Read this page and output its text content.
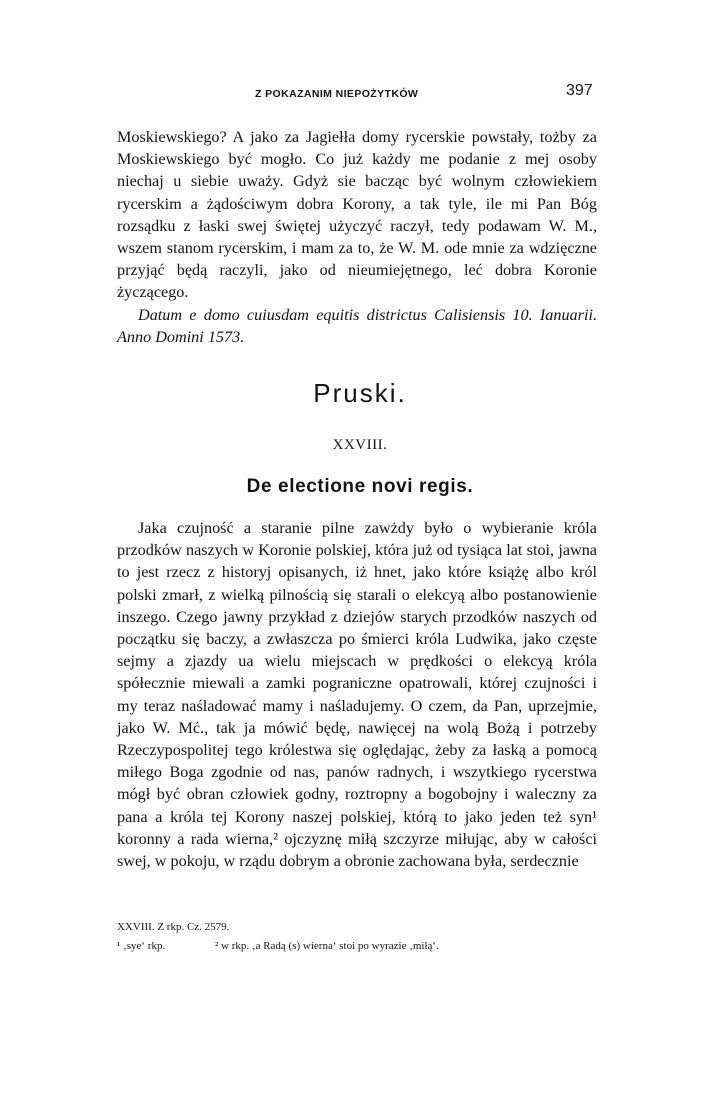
Z POKAZANIM NIEPOŻYTKÓW	397

Moskiewskiego? A jako za Jagiełła domy rycerskie powstały, tożby za Moskiewskiego być mogło. Co już każdy me podanie z mej osoby niechaj u siebie uważy. Gdyż sie bacząc być wolnym człowiekiem rycerskim a żądościwym dobra Korony, a tak tyle, ile mi Pan Bóg rozsądku z łaski swej świętej użyczyć raczył, tedy podawam W. M., wszem stanom rycerskim, i mam za to, że W. M. ode mnie za wdzięczne przyjąć będą raczyli, jako od nieumiejętnego, leć dobra Koronie życzącego.

Datum e domo cuiusdam equitis districtus Calisiensis 10. Ianuarii. Anno Domini 1573.

Pruski.
XXVIII.
De electione novi regis.

Jaka czujność a staranie pilne zawżdy było o wybieranie króla przodków naszych w Koronie polskiej, która już od tysiąca lat stoi, jawna to jest rzecz z historyj opisanych, iż hnet, jako które książę albo król polski zmarł, z wielką pilnością się starali o elekcyą albo postanowienie inszego. Czego jawny przykład z dziejów starych przodków naszych od początku się baczy, a zwłaszcza po śmierci króla Ludwika, jako częste sejmy a zjazdy ua wielu miejscach w prędkości o elekcyą króla spółecznie miewali a zamki pograniczne opatrowali, której czujności i my teraz naśladować mamy i naśladujemy. O czem, da Pan, uprzejmie, jako W. Mć., tak ja mówić będę, nawięcej na wolą Bożą i potrzeby Rzeczypospolitej tego królestwa się oględając, żeby za łaską a pomocą miłego Boga zgodnie od nas, panów radnych, i wszytkiego rycerstwa mógł być obran człowiek godny, roztropny a bogobojny i waleczny za pana a króla tej Korony naszej polskiej, którą to jako jeden też syn¹ koronny a rada wierna,² ojczyznę miłą szczyrze miłując, aby w całości swej, w pokoju, w rządu dobrym a obronie zachowana była, serdecznie

XXVIII. Z rkp. Cz. 2579.
¹ ‚sye‘ rkp.	² w rkp. ‚a Radą (s) wierna‘ stoi po wyrazie ‚miłą‘.
